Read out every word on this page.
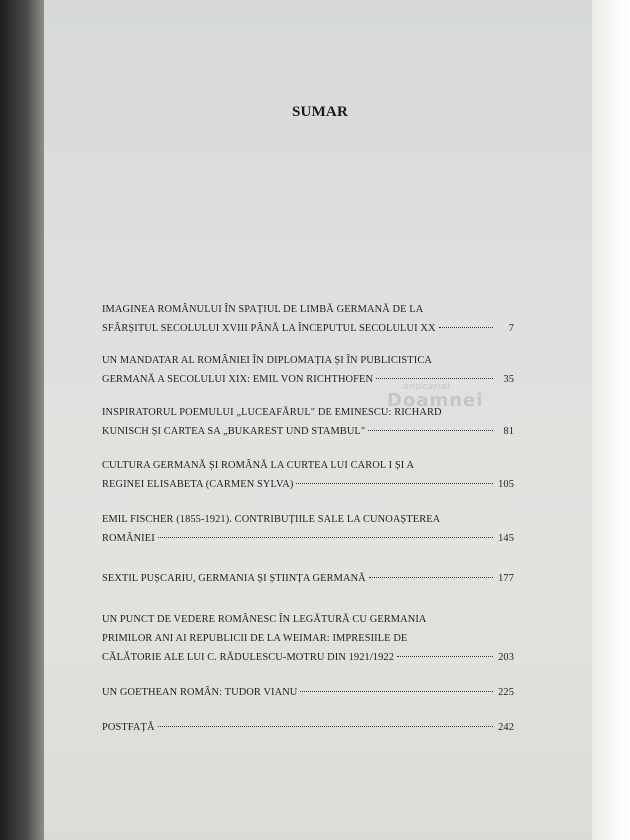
SUMAR
IMAGINEA ROMÂNULUI ÎN SPAȚIUL DE LIMBĂ GERMANĂ DE LA
SFÂRȘITUL SECOLULUI XVIII PÂNĂ LA ÎNCEPUTUL SECOLULUI XX	7
UN MANDATAR AL ROMÂNIEI ÎN DIPLOMAȚIA ȘI ÎN PUBLICISTICA
GERMANĂ A SECOLULUI XIX: EMIL VON RICHTHOFEN	35
INSPIRATORUL POEMULUI „LUCEAFĂRUL" DE EMINESCU: RICHARD
KUNISCH ȘI CARTEA SA „BUKAREST UND STAMBUL"	81
CULTURA GERMANĂ ȘI ROMÂNĂ LA CURTEA LUI CAROL I ȘI A
REGINEI ELISABETA (CARMEN SYLVA)	105
EMIL FISCHER (1855-1921). CONTRIBUȚIILE SALE LA CUNOAȘTEREA
ROMÂNIEI	145
SEXTIL PUȘCARIU, GERMANIA ȘI ȘTIINȚA GERMANĂ	177
UN PUNCT DE VEDERE ROMÂNESC ÎN LEGĂTURĂ CU GERMANIA
PRIMILOR ANI AI REPUBLICII DE LA WEIMAR: IMPRESIILE DE
CĂLĂTORIE ALE LUI C. RĂDULESCU-MOTRU DIN 1921/1922	203
UN GOETHEAN ROMÂN: TUDOR VIANU	225
POSTFAȚĂ	242
anticariat
Doamnei
